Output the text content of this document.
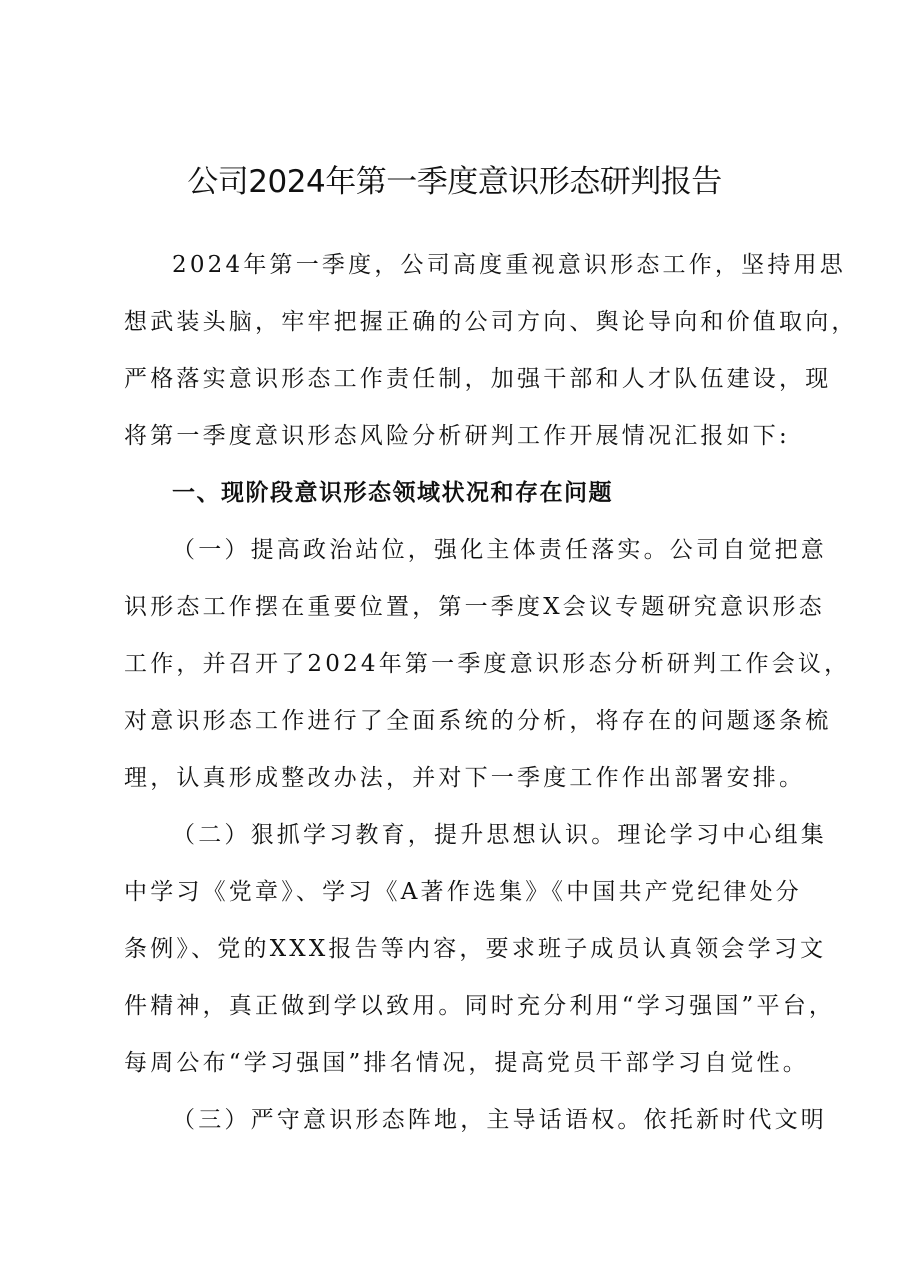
公司2024年第一季度意识形态研判报告

2024年第一季度，公司高度重视意识形态工作，坚持用思

想武装头脑，牢牢把握正确的公司方向、舆论导向和价值取向，

严格落实意识形态工作责任制，加强干部和人才队伍建设，现

将第一季度意识形态风险分析研判工作开展情况汇报如下:

一、现阶段意识形态领域状况和存在问题

（一）提高政治站位，强化主体责任落实。公司自觉把意

识形态工作摆在重要位置，第一季度X会议专题研究意识形态

工作，并召开了2024年第一季度意识形态分析研判工作会议，

对意识形态工作进行了全面系统的分析，将存在的问题逐条梳

理，认真形成整改办法，并对下一季度工作作出部署安排。

（二）狠抓学习教育，提升思想认识。理论学习中心组集

中学习《党章》、学习《A著作选集》《中国共产党纪律处分

条例》、党的XXX报告等内容，要求班子成员认真领会学习文

件精神，真正做到学以致用。同时充分利用“学习强国”平台，

每周公布“学习强国”排名情况，提高党员干部学习自觉性。

（三）严守意识形态阵地，主导话语权。依托新时代文明
